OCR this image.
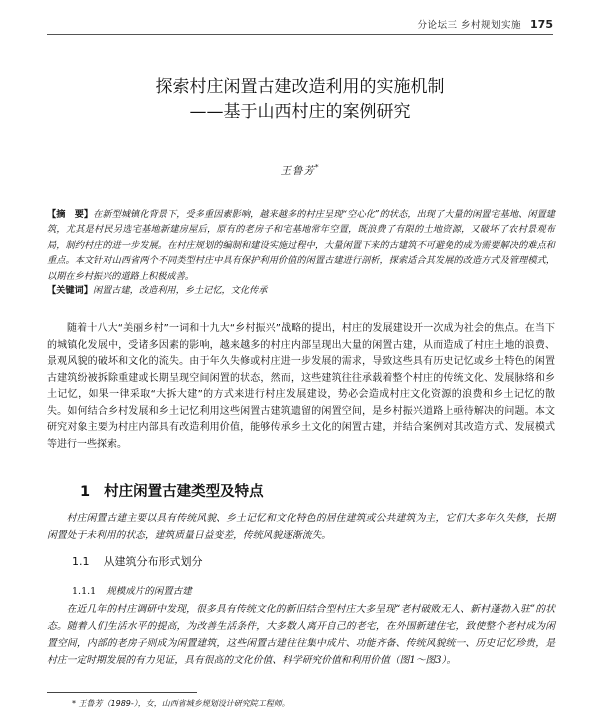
分论坛三 乡村规划实施 175
探索村庄闲置古建改造利用的实施机制
——基于山西村庄的案例研究
王鲁芳*
【摘　要】在新型城镇化背景下，受多重因素影响，越来越多的村庄呈现“空心化”的状态，出现了大量的闲置宅基地、闲置建筑，尤其是村民另选宅基地新建房屋后，原有的老房子和宅基地常年空置，既浪费了有限的土地资源，又破坏了农村景观布局，制约村庄的进一步发展。在村庄规划的编制和建设实施过程中，大量闲置下来的古建筑不可避免的成为需要解决的难点和重点。本文针对山西省两个不同类型村庄中具有保护利用价值的闲置古建进行剖析，探索适合其发展的改造方式及管理模式，以期在乡村振兴的道路上积极成善。
【关键词】闲置古建，改造利用，乡土记忆，文化传承
随着十八大“美丽乡村”一词和十九大“乡村振兴”战略的提出，村庄的发展建设开一次成为社会的焦点。在当下的城镇化发展中，受诸多因素的影响，越来越多的村庄内部呈现出大量的闲置古建，从而造成了村庄土地的浪费、景观风貌的破坏和文化的流失。由于年久失修或村庄进一步发展的需求，导致这些具有历史记忆或乡土特色的闲置古建筑纷被拆除重建或长期呈现空间闲置的状态，然而，这些建筑往往承载着整个村庄的传统文化、发展脉络和乡土记忆，如果一律采取“大拆大建”的方式来进行村庄发展建设，势必会造成村庄文化资源的浪费和乡土记忆的散失。如何结合乡村发展和乡土记忆利用这些闲置古建筑遗留的闲置空间，是乡村振兴道路上亟待解决的问题。本文研究对象主要为村庄内部具有改造利用价值，能够传承乡土文化的闲置古建，并结合案例对其改造方式、发展模式等进行一些探索。
1 村庄闲置古建类型及特点
村庄闲置古建主要以具有传统风貌、乡土记忆和文化特色的居住建筑或公共建筑为主，它们大多年久失修，长期闲置处于未利用的状态，建筑质量日益变差，传统风貌逐渐流失。
1.1 从建筑分布形式划分
1.1.1 规模成片的闲置古建
在近几年的村庄调研中发现，很多具有传统文化的新旧结合型村庄大多呈现“老村破败无人、新村蓬勃入驻”的状态。随着人们生活水平的提高，为改善生活条件，大多数人离开自己的老宅，在外围新建住宅，致使整个老村成为闲置空间，内部的老房子则成为闲置建筑，这些闲置古建往往集中成片、功能齐备、传统风貌统一、历史记忆珍贵，是村庄一定时期发展的有力见证，具有很高的文化价值、科学研究价值和利用价值（图1～图3）。
* 王鲁芳（1989-），女，山西省城乡规划设计研究院工程师。
